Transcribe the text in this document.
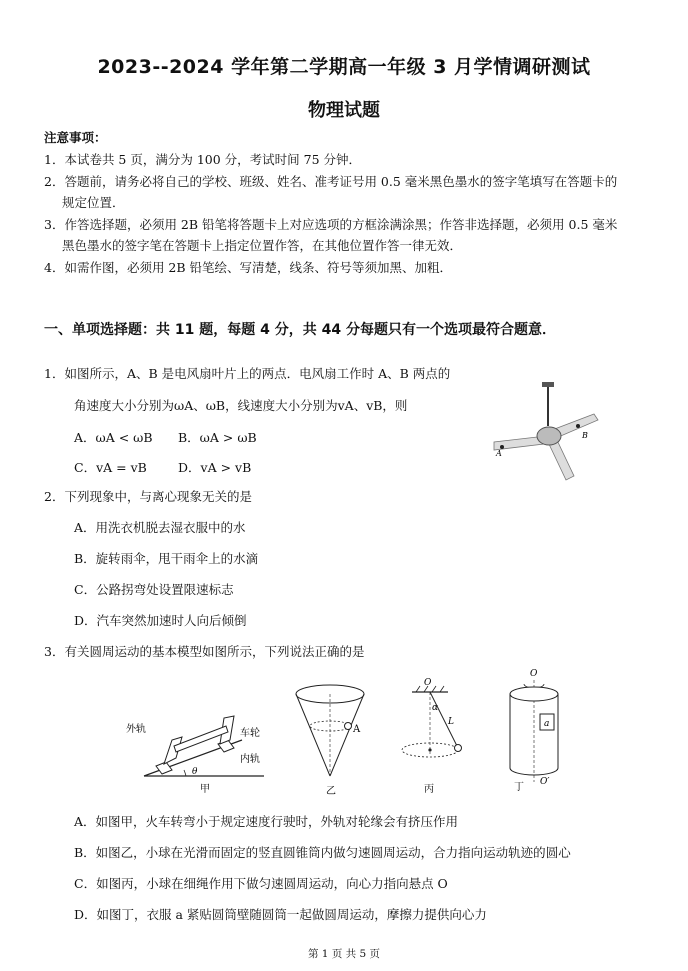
2023--2024 学年第二学期高一年级 3 月学情调研测试
物理试题
注意事项：
1．本试卷共 5 页，满分为 100 分，考试时间 75 分钟．
2．答题前，请务必将自己的学校、班级、姓名、准考证号用 0.5 毫米黑色墨水的签字笔填写在答题卡的
规定位置．
3．作答选择题，必须用 2B 铅笔将答题卡上对应选项的方框涂满涂黑；作答非选择题，必须用 0.5 毫米
黑色墨水的签字笔在答题卡上指定位置作答，在其他位置作答一律无效．
4．如需作图，必须用 2B 铅笔绘、写清楚，线条、符号等须加黑、加粗．
一、单项选择题：共 11 题，每题 4 分，共 44 分每题只有一个选项最符合题意．
1．如图所示，A、B 是电风扇叶片上的两点．电风扇工作时 A、B 两点的
角速度大小分别为ωA、ωB，线速度大小分别为vA、vB，则
A．ωA < ωB B．ωA > ωB
C．vA = vB D．vA > vB
A
B
2．下列现象中，与离心现象无关的是
A．用洗衣机脱去湿衣服中的水
B．旋转雨伞，甩干雨伞上的水滴
C．公路拐弯处设置限速标志
D．汽车突然加速时人向后倾倒
3．有关圆周运动的基本模型如图所示，下列说法正确的是
外轨	车轮
内轨
θ
甲
A
乙
O
α
L
丙
a
O
O′
丁
A．如图甲，火车转弯小于规定速度行驶时，外轨对轮缘会有挤压作用
B．如图乙，小球在光滑而固定的竖直圆锥筒内做匀速圆周运动，合力指向运动轨迹的圆心
C．如图丙，小球在细绳作用下做匀速圆周运动，向心力指向悬点 O
D．如图丁，衣服 a 紧贴圆筒壁随圆筒一起做圆周运动，摩擦力提供向心力
第 1 页 共 5 页
